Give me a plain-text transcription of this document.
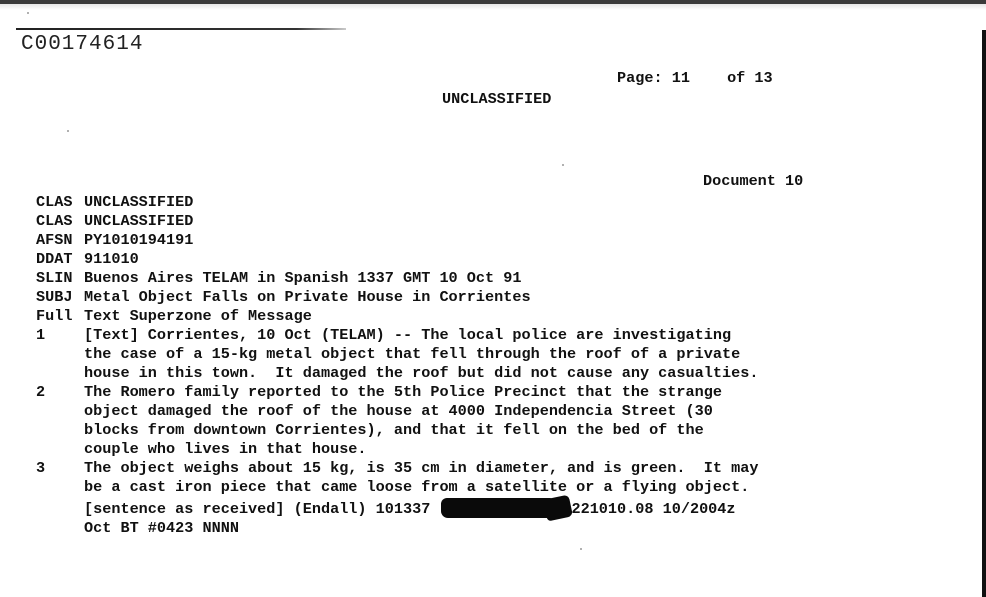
C00174614
Page: 11 of 13
UNCLASSIFIED
Document 10
CLAS UNCLASSIFIED
CLAS UNCLASSIFIED
AFSN PY1010194191
DDAT 911010
SLIN Buenos Aires TELAM in Spanish 1337 GMT 10 Oct 91
SUBJ Metal Object Falls on Private House in Corrientes
Full Text Superzone of Message
1	[Text] Corrientes, 10 Oct (TELAM) -- The local police are investigating
the case of a 15-kg metal object that fell through the roof of a private
house in this town.  It damaged the roof but did not cause any casualties.
2	The Romero family reported to the 5th Police Precinct that the strange
object damaged the roof of the house at 4000 Independencia Street (30
blocks from downtown Corrientes), and that it fell on the bed of the
couple who lives in that house.
3	The object weighs about 15 kg, is 35 cm in diameter, and is green.  It may
be a cast iron piece that came loose from a satellite or a flying object.
[sentence as received] (Endall) 101337	221010.08 10/2004z
Oct BT #0423 NNNN
